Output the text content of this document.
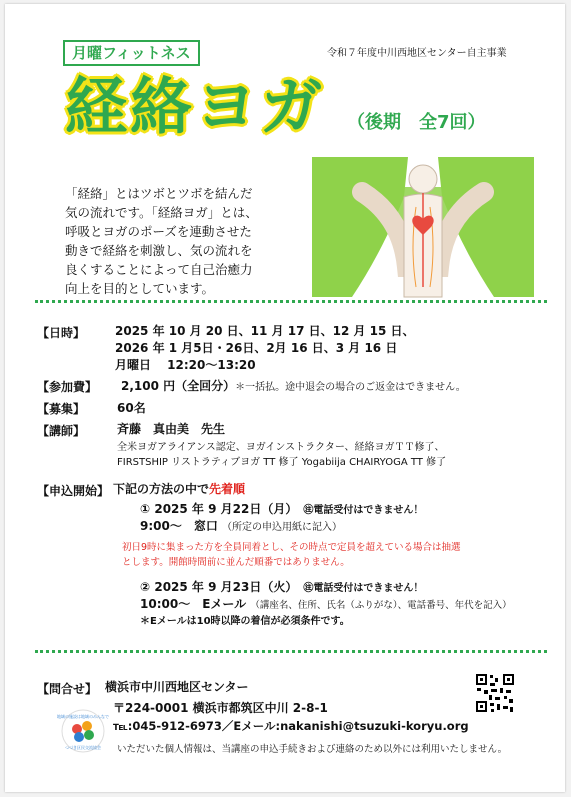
月曜フィットネス	令和７年度中川西地区センター自主事業
経絡ヨガ （後期　全7回）
「経絡」とはツボとツボを結んだ
気の流れです。「経絡ヨガ」とは、
呼吸とヨガのポーズを連動させた
動きで経絡を刺激し、気の流れを
良くすることによって自己治癒力
向上を目的としています。
【日時】 2025 年 10 月 20 日、11 月 17 日、12 月 15 日、
2026 年 1 月5日・26日、2月 16 日、3 月 16 日
月曜日　 12:20～13:20
【参加費】 2,100 円（全回分）＊一括払。途中退会の場合のご返金はできません。
【募集】	60名
【講師】	斉藤　真由美　先生
全米ヨガアライアンス認定、ヨガインストラクター、経絡ヨガＴＴ修了、
FIRSTSHIP リストラティブヨガ TT 修了 Yogabiija CHAIRYOGA TT 修了
【申込開始】 下記の方法の中で先着順
① 2025 年 9 月22日（月）　 ㊟電話受付はできません！
9:00～　窓口 （所定の申込用紙に記入）
初日9時に集まった方を全員同着とし、その時点で定員を超えている場合は抽選
とします。開館時間前に並んだ順番ではありません。
② 2025 年 9 月23日（火）　 ㊟電話受付はできません！
10:00～　Eメール （講座名、住所、氏名（ふりがな）、電話番号、年代を記入）
＊Eメールは10時以降の着信が必須条件です。
【問合せ】 横浜市中川西地区センター
〒224-0001 横浜市都筑区中川 2-8-1
℡:045-912-6973／Eメール:nakanishi@tsuzuki-koryu.org
いただいた個人情報は、当講座の申込手続きおよび連絡のため以外には利用いたしません。
地域の施設は地域のみんなで
つづき区民交流協会
